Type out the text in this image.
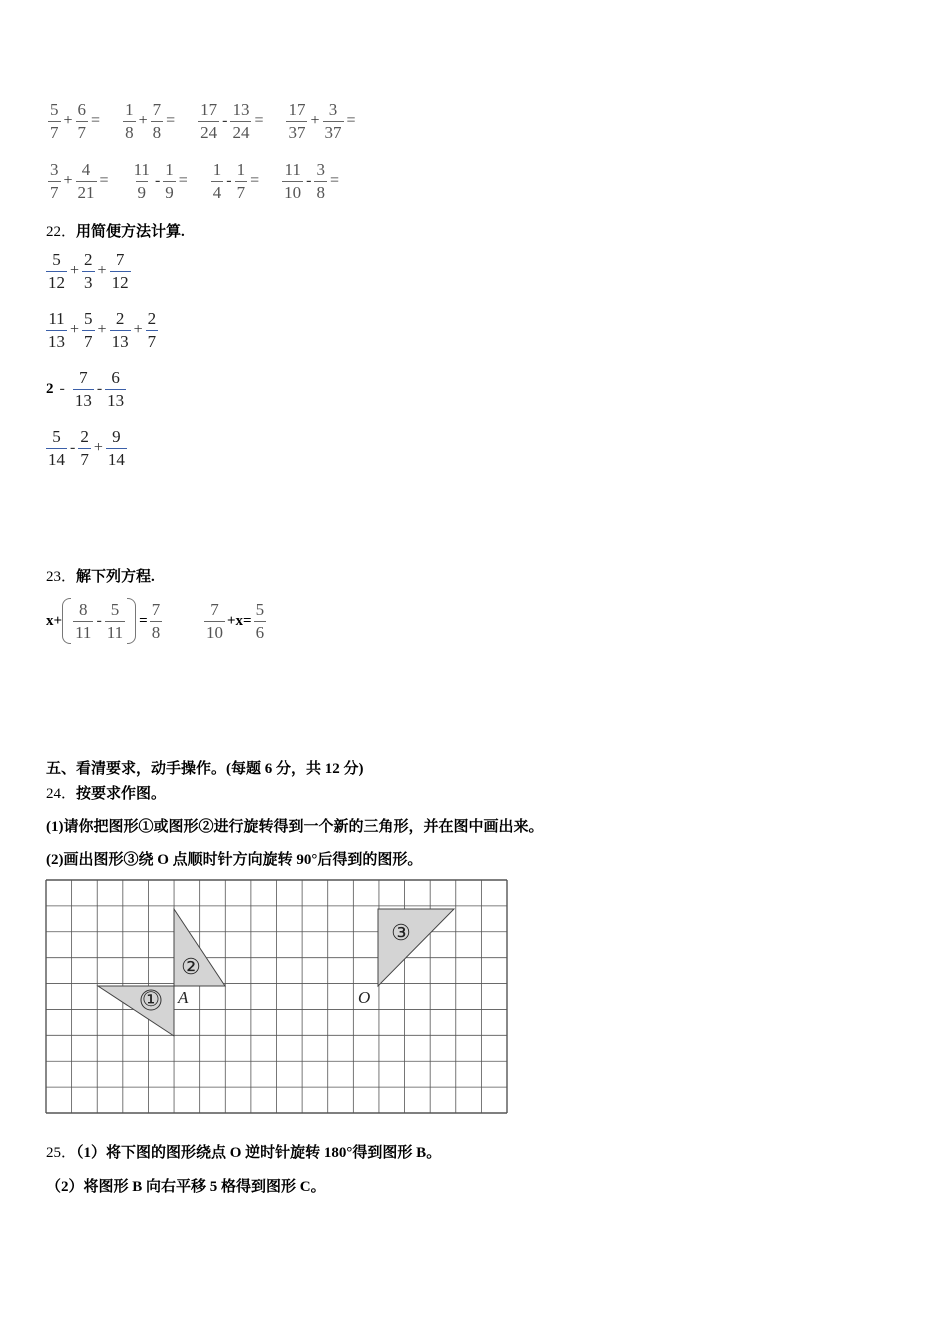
$\frac{5}{7} + \frac{6}{7} = \frac{1}{8} + \frac{7}{8} = \frac{17}{24} - \frac{13}{24} = \frac{17}{37} + \frac{3}{37}$ =
$\frac{3}{7} + \frac{4}{21} = \frac{11}{9} - \frac{1}{9} = \frac{1}{4} - \frac{1}{7} = \frac{11}{10} - \frac{3}{8}$ =
22．用简便方法计算.
$\frac{5}{12} + \frac{2}{3} + \frac{7}{12}$
$\frac{11}{13} + \frac{5}{7} + \frac{2}{13} + \frac{2}{7}$
$2 - \frac{7}{13} - \frac{6}{13}$
$\frac{5}{14} - \frac{2}{7} + \frac{9}{14}$
23．解下列方程.
$x+ \frac{8}{11} - \frac{5}{11} = \frac{7}{8} \frac{7}{10} +x= \frac{5}{6}$
五、看清要求，动手操作。(每题 6 分，共 12 分)
24．按要求作图。
(1)请你把图形①或图形②进行旋转得到一个新的三角形，并在图中画出来。
(2)画出图形③绕 O 点顺时针方向旋转 90°后得到的图形。
①
②
③
A	O
25．（1）将下图的图形绕点 O 逆时针旋转 180°得到图形 B。
（2）将图形 B 向右平移 5 格得到图形 C。
